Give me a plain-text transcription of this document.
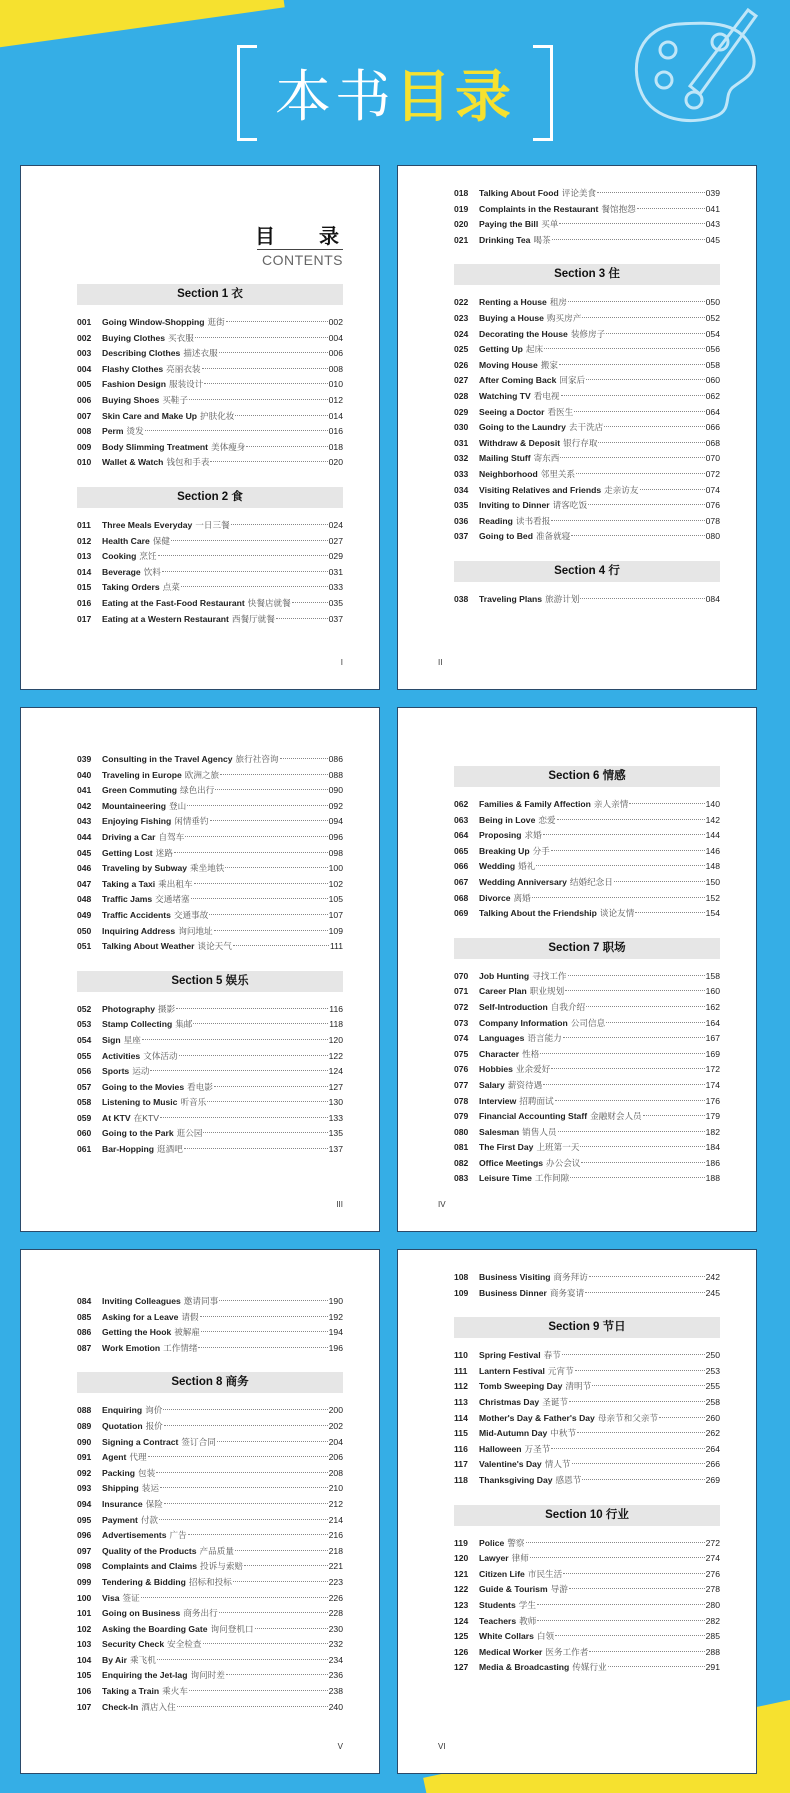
本书 目录
目　录
CONTENTS
Section 1 衣
001	Going Window-Shopping 逛街	002
002	Buying Clothes 买衣服	004
003	Describing Clothes 描述衣服	006
004	Flashy Clothes 亮丽衣装	008
005	Fashion Design 服装设计	010
006	Buying Shoes 买鞋子	012
007	Skin Care and Make Up 护肤化妆	014
008	Perm 烫发	016
009	Body Slimming Treatment 美体瘦身	018
010	Wallet & Watch 钱包和手表	020
Section 2 食
011	Three Meals Everyday 一日三餐	024
012	Health Care 保健	027
013	Cooking 烹饪	029
014	Beverage 饮料	031
015	Taking Orders 点菜	033
016	Eating at the Fast-Food Restaurant 快餐店就餐	035
017	Eating at a Western Restaurant 西餐厅就餐	037
I
018	Talking About Food 评论美食	039
019	Complaints in the Restaurant 餐馆抱怨	041
020	Paying the Bill 买单	043
021	Drinking Tea 喝茶	045
Section 3 住
022	Renting a House 租房	050
023	Buying a House 购买房产	052
024	Decorating the House 装修房子	054
025	Getting Up 起床	056
026	Moving House 搬家	058
027	After Coming Back 回家后	060
028	Watching TV 看电视	062
029	Seeing a Doctor 看医生	064
030	Going to the Laundry 去干洗店	066
031	Withdraw & Deposit 银行存取	068
032	Mailing Stuff 寄东西	070
033	Neighborhood 邻里关系	072
034	Visiting Relatives and Friends 走亲访友	074
035	Inviting to Dinner 请客吃饭	076
036	Reading 读书看报	078
037	Going to Bed 准备就寝	080
Section 4 行
038	Traveling Plans 旅游计划	084
II
039	Consulting in the Travel Agency 旅行社咨询	086
040	Traveling in Europe 欧洲之旅	088
041	Green Commuting 绿色出行	090
042	Mountaineering 登山	092
043	Enjoying Fishing 闲情垂钓	094
044	Driving a Car 自驾车	096
045	Getting Lost 迷路	098
046	Traveling by Subway 乘坐地铁	100
047	Taking a Taxi 乘出租车	102
048	Traffic Jams 交通堵塞	105
049	Traffic Accidents 交通事故	107
050	Inquiring Address 询问地址	109
051	Talking About Weather 谈论天气	111
Section 5 娱乐
052	Photography 摄影	116
053	Stamp Collecting 集邮	118
054	Sign 星座	120
055	Activities 文体活动	122
056	Sports 运动	124
057	Going to the Movies 看电影	127
058	Listening to Music 听音乐	130
059	At KTV 在KTV	133
060	Going to the Park 逛公园	135
061	Bar-Hopping 逛酒吧	137
III
Section 6 情感
062	Families & Family Affection 亲人亲情	140
063	Being in Love 恋爱	142
064	Proposing 求婚	144
065	Breaking Up 分手	146
066	Wedding 婚礼	148
067	Wedding Anniversary 结婚纪念日	150
068	Divorce 离婚	152
069	Talking About the Friendship 谈论友情	154
Section 7 职场
070	Job Hunting 寻找工作	158
071	Career Plan 职业规划	160
072	Self-Introduction 自我介绍	162
073	Company Information 公司信息	164
074	Languages 语言能力	167
075	Character 性格	169
076	Hobbies 业余爱好	172
077	Salary 薪资待遇	174
078	Interview 招聘面试	176
079	Financial Accounting Staff 金融财会人员	179
080	Salesman 销售人员	182
081	The First Day 上班第一天	184
082	Office Meetings 办公会议	186
083	Leisure Time 工作间隙	188
IV
084	Inviting Colleagues 邀请同事	190
085	Asking for a Leave 请假	192
086	Getting the Hook 被解雇	194
087	Work Emotion 工作情绪	196
Section 8 商务
088	Enquiring 询价	200
089	Quotation 报价	202
090	Signing a Contract 签订合同	204
091	Agent 代理	206
092	Packing 包装	208
093	Shipping 装运	210
094	Insurance 保险	212
095	Payment 付款	214
096	Advertisements 广告	216
097	Quality of the Products 产品质量	218
098	Complaints and Claims 投诉与索赔	221
099	Tendering & Bidding 招标和投标	223
100	Visa 签证	226
101	Going on Business 商务出行	228
102	Asking the Boarding Gate 询问登机口	230
103	Security Check 安全检查	232
104	By Air 乘飞机	234
105	Enquiring the Jet-lag 询问时差	236
106	Taking a Train 乘火车	238
107	Check-In 酒店入住	240
V
108	Business Visiting 商务拜访	242
109	Business Dinner 商务宴请	245
Section 9 节日
110	Spring Festival 春节	250
111	Lantern Festival 元宵节	253
112	Tomb Sweeping Day 清明节	255
113	Christmas Day 圣诞节	258
114	Mother's Day & Father's Day 母亲节和父亲节	260
115	Mid-Autumn Day 中秋节	262
116	Halloween 万圣节	264
117	Valentine's Day 情人节	266
118	Thanksgiving Day 感恩节	269
Section 10 行业
119	Police 警察	272
120	Lawyer 律师	274
121	Citizen Life 市民生活	276
122	Guide & Tourism 导游	278
123	Students 学生	280
124	Teachers 教师	282
125	White Collars 白领	285
126	Medical Worker 医务工作者	288
127	Media & Broadcasting 传媒行业	291
VI
